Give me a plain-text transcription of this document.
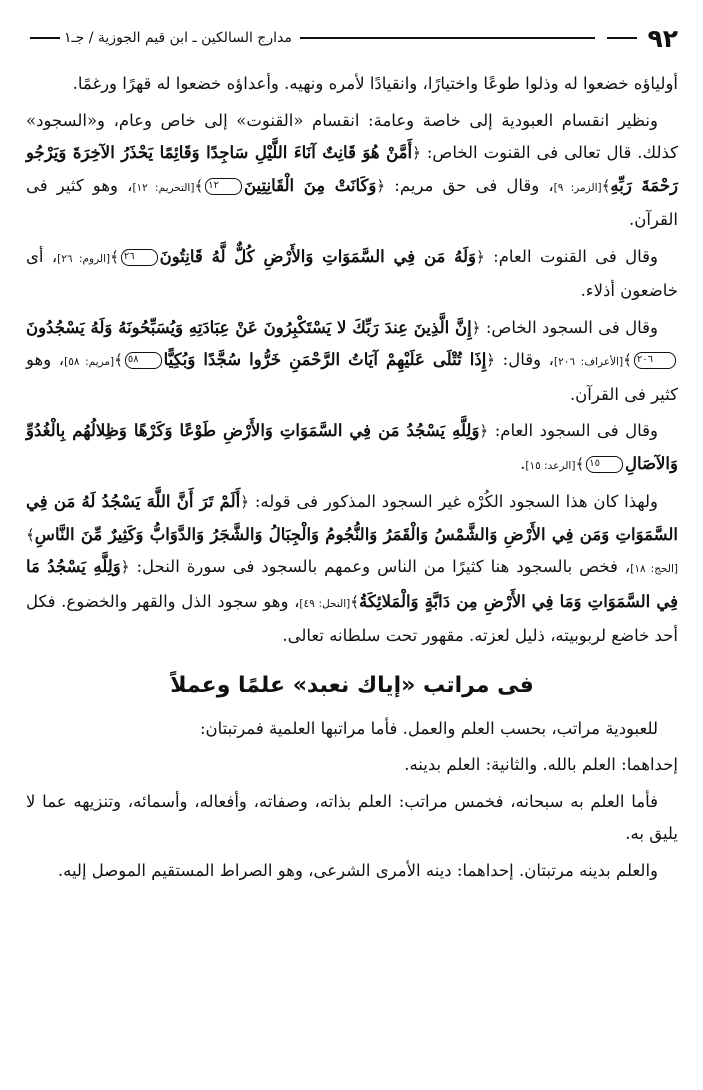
٩٢
مدارج السالكين ـ ابن قيم الجوزية / جـ١

أولياؤه خضعوا له وذلوا طوعًا واختيارًا، وانقيادًا لأمره ونهيه. وأعداؤه خضعوا له قهرًا ورغمًا.

ونظير انقسام العبودية إلى خاصة وعامة: انقسام «القنوت» إلى خاص وعام، و«السجود» كذلك. قال تعالى فى القنوت الخاص: ﴿أَمَّنْ هُوَ قَانِتٌ آنَاءَ اللَّيْلِ سَاجِدًا وَقَائِمًا يَحْذَرُ الآخِرَةَ وَيَرْجُو رَحْمَةَ رَبِّهِ﴾[الزمر: ٩]، وقال فى حق مريم: ﴿وَكَانَتْ مِنَ الْقَانِتِينَ١٢﴾[التحريم: ١٢]، وهو كثير فى القرآن.

وقال فى القنوت العام: ﴿وَلَهُ مَن فِي السَّمَوَاتِ وَالأَرْضِ كُلٌّ لَّهُ قَانِتُونَ٢٦﴾[الروم: ٢٦]، أى خاضعون أذلاء.

وقال فى السجود الخاص: ﴿إِنَّ الَّذِينَ عِندَ رَبِّكَ لا يَسْتَكْبِرُونَ عَنْ عِبَادَتِهِ وَيُسَبِّحُونَهُ وَلَهُ يَسْجُدُونَ٢٠٦﴾[الأعراف: ٢٠٦]، وقال: ﴿إِذَا تُتْلَى عَلَيْهِمْ آيَاتُ الرَّحْمَنِ خَرُّوا سُجَّدًا وَبُكِيًّا٥٨﴾[مريم: ٥٨]، وهو كثير فى القرآن.

وقال فى السجود العام: ﴿وَلِلَّهِ يَسْجُدُ مَن فِي السَّمَوَاتِ وَالأَرْضِ طَوْعًا وَكَرْهًا وَظِلالُهُم بِالْغُدُوِّ وَالآصَالِ١٥﴾[الرعد: ١٥].

ولهذا كان هذا السجود الكُرْه غير السجود المذكور فى قوله: ﴿أَلَمْ تَرَ أَنَّ اللَّهَ يَسْجُدُ لَهُ مَن فِي السَّمَوَاتِ وَمَن فِي الأَرْضِ وَالشَّمْسُ وَالْقَمَرُ وَالنُّجُومُ وَالْجِبَالُ وَالشَّجَرُ وَالدَّوَابُّ وَكَثِيرٌ مِّنَ النَّاسِ﴾[الحج: ١٨]، فخص بالسجود هنا كثيرًا من الناس وعمهم بالسجود فى سورة النحل: ﴿وَلِلَّهِ يَسْجُدُ مَا فِي السَّمَوَاتِ وَمَا فِي الأَرْضِ مِن دَابَّةٍ وَالْمَلائِكَةُ﴾[النحل: ٤٩]، وهو سجود الذل والقهر والخضوع. فكل أحد خاضع لربوبيته، ذليل لعزته. مقهور تحت سلطانه تعالى.

فى مراتب «إياك نعبد» علمًا وعملاً

للعبودية مراتب، بحسب العلم والعمل. فأما مراتبها العلمية فمرتبتان:

إحداهما: العلم بالله. والثانية: العلم بدينه.

فأما العلم به سبحانه، فخمس مراتب: العلم بذاته، وصفاته، وأفعاله، وأسمائه، وتنزيهه عما لا يليق به.

والعلم بدينه مرتبتان. إحداهما: دينه الأمرى الشرعى، وهو الصراط المستقيم الموصل إليه.
